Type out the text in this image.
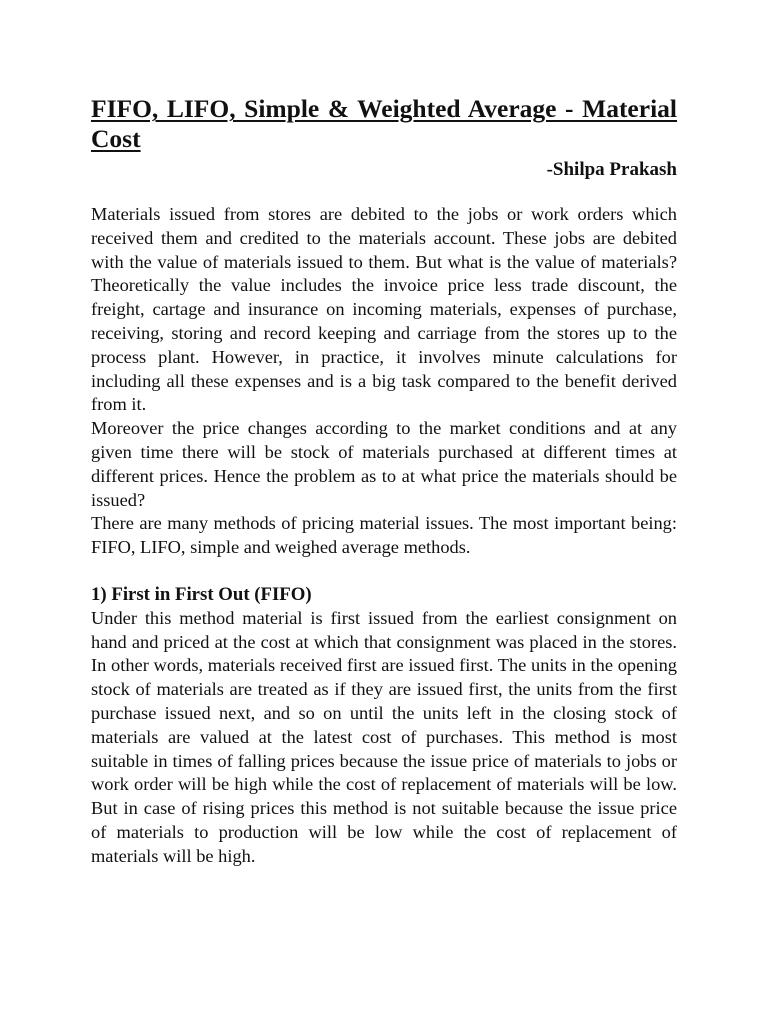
FIFO, LIFO, Simple & Weighted Average - Material Cost

-Shilpa Prakash

Materials issued from stores are debited to the jobs or work orders which received them and credited to the materials account. These jobs are debited with the value of materials issued to them. But what is the value of materials? Theoretically the value includes the invoice price less trade discount, the freight, cartage and insurance on incoming materials, expenses of purchase, receiving, storing and record keeping and carriage from the stores up to the process plant. However, in practice, it involves minute calculations for including all these expenses and is a big task compared to the benefit derived from it.

Moreover the price changes according to the market conditions and at any given time there will be stock of materials purchased at different times at different prices. Hence the problem as to at what price the materials should be issued?

There are many methods of pricing material issues. The most important being: FIFO, LIFO, simple and weighed average methods.

1) First in First Out (FIFO)

Under this method material is first issued from the earliest consignment on hand and priced at the cost at which that consignment was placed in the stores. In other words, materials received first are issued first. The units in the opening stock of materials are treated as if they are issued first, the units from the first purchase issued next, and so on until the units left in the closing stock of materials are valued at the latest cost of purchases. This method is most suitable in times of falling prices because the issue price of materials to jobs or work order will be high while the cost of replacement of materials will be low. But in case of rising prices this method is not suitable because the issue price of materials to production will be low while the cost of replacement of materials will be high.
